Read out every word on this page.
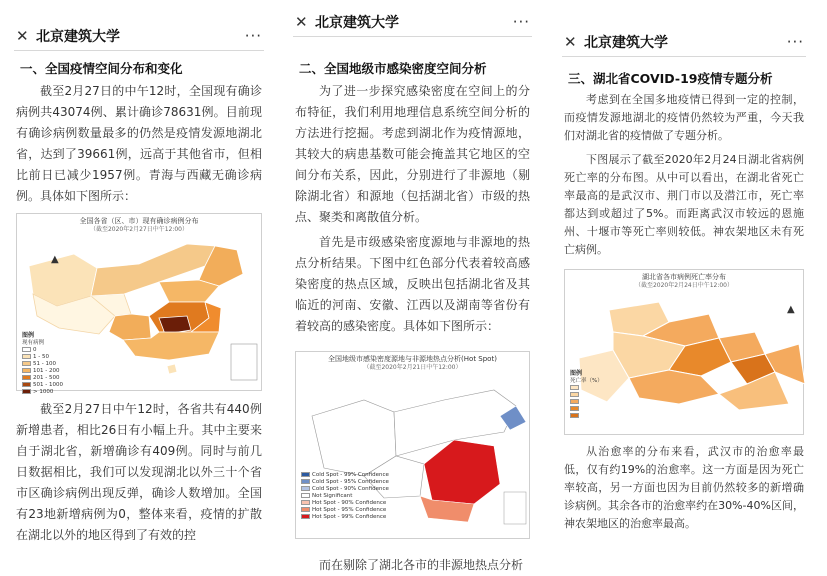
✕ 北京建筑大学	···
一、全国疫情空间分布和变化

截至2月27日的中午12时，全国现有确诊病例共43074例、累计确诊78631例。目前现有确诊病例数量最多的仍然是疫情发源地湖北省，达到了39661例，远高于其他省市，但相比前日已减少1957例。青海与西藏无确诊病例。具体如下图所示：

全国各省（区、市）现有确诊病例分布
（截至2020年2月27日中午12:00）
▲
图例
现有病例
0
1 - 50
51 - 100
101 - 200
201 - 500
501 - 1000
> 1000

截至2月27日中午12时，各省共有440例新增患者，相比26日有小幅上升。其中主要来自于湖北省，新增确诊有409例。同时与前几日数据相比，我们可以发现湖北以外三十个省市区确诊病例出现反弹，确诊人数增加。全国有23地新增病例为0，整体来看，疫情的扩散在湖北以外的地区得到了有效的控

✕ 北京建筑大学	···
二、全国地级市感染密度空间分析

为了进一步探究感染密度在空间上的分布特征，我们利用地理信息系统空间分析的方法进行挖掘。考虑到湖北作为疫情源地，其较大的病患基数可能会掩盖其它地区的空间分布关系，因此，分别进行了非源地（剔除湖北省）和源地（包括湖北省）市级的热点、聚类和离散值分析。

首先是市级感染密度源地与非源地的热点分析结果。下图中红色部分代表着较高感染密度的热点区域，反映出包括湖北省及其临近的河南、安徽、江西以及湖南等省份有着较高的感染密度。具体如下图所示：

全国地级市感染密度源地与非源地热点分析(Hot Spot)
（截至2020年2月21日中午12:00）
Cold Spot - 99% Confidence
Cold Spot - 95% Confidence
Cold Spot - 90% Confidence
Not Significant
Hot Spot - 90% Confidence
Hot Spot - 95% Confidence
Hot Spot - 99% Confidence

而在剔除了湖北各市的非源地热点分析

✕ 北京建筑大学	···
三、湖北省COVID-19疫情专题分析

考虑到在全国多地疫情已得到一定的控制，而疫情发源地湖北的疫情仍然较为严重，今天我们对湖北省的疫情做了专题分析。

下图展示了截至2020年2月24日湖北省病例死亡率的分布图。从中可以看出，在湖北省死亡率最高的是武汉市、荆门市以及潜江市，死亡率都达到或超过了5%。而距离武汉市较远的恩施州、十堰市等死亡率则较低。神农架地区未有死亡病例。

湖北省各市病例死亡率分布
（截至2020年2月24日中午12:00）
▲
图例
死亡率（%）

从治愈率的分布来看，武汉市的治愈率最低，仅有约19%的治愈率。这一方面是因为死亡率较高，另一方面也因为目前仍然较多的新增确诊病例。其余各市的治愈率约在30%-40%区间，神农架地区的治愈率最高。
